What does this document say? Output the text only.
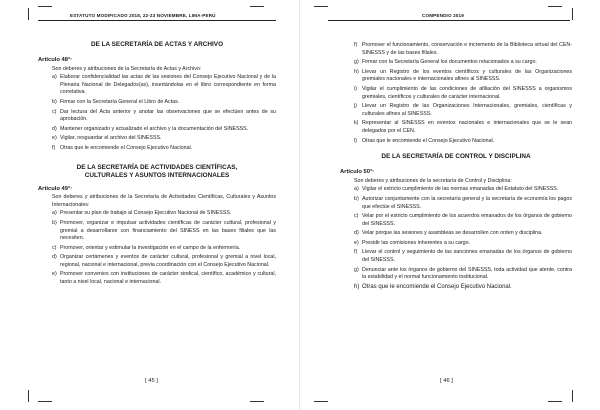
ESTATUTO MODIFICADO 2018, 22-23 NOVIEMBRE, LIMA-PERÚ
DE LA SECRETARÍA DE ACTAS Y ARCHIVO
Artículo 48°*
Son deberes y atribuciones de la Secretaría de Actas y Archivo:
a) Elaborar confidencialidad las actas de las sesiones del Consejo Ejecutivo Nacional y de la Plenaria Nacional de Delegados(as), insertándolas en el libro correspondiente en forma correlativa.
b) Firmar con la Secretaría General el Libro de Actas.
c) Dar lectura del Acta anterior y anotar las observaciones que se efectúen antes de su aprobación.
d) Mantener organizado y actualizado el archivo y la documentación del SINESSS.
e) Vigilar, resguardar el archivo del SINESSS.
f) Otras que le encomiende el Consejo Ejecutivo Nacional.
DE LA SECRETARÍA DE ACTIVIDADES CIENTÍFICAS,
CULTURALES Y ASUNTOS INTERNACIONALES
Artículo 49°*
Son deberes y atribuciones de la Secretaría de Actividades Científicas, Culturales y Asuntos Internacionales:
a) Presentar su plan de trabajo al Consejo Ejecutivo Nacional de SINESSS.
b) Promover, organizar e impulsar actividades científicas de carácter cultural, profesional y gremial a desarrollarse con financiamiento del SINESS en las bases filiales que las necesiten.
c) Promover, orientar y estimular la investigación en el campo de la enfermería.
d) Organizar certámenes y eventos de carácter cultural, profesional y gremial a nivel local, regional, nacional e internacional, previa coordinación con el Consejo Ejecutivo Nacional.
e) Promover convenios con instituciones de carácter sindical, científico, académico y cultural, tanto a nivel local, nacional e internacional.
[ 45 ]
COMPENDIO 2019
f) Promover el funcionamiento, conservación e incremento de la Biblioteca virtual del CEN-SINESSS y de las bases filiales.
g) Firmar con la Secretaría General los documentos relacionados a su cargo.
h) Llevar un Registro de los eventos científicos y culturales de las Organizaciones gremiales nacionales e internacionales afines al SINESSS.
i) Vigilar el cumplimiento de las condiciones de afiliación del SINESSS a organismos gremiales, científicos y culturales de carácter internacional.
j) Llevar un Registro de las Organizaciones Internacionales, gremiales, científicas y culturales afines al SINESSS.
k) Representar al SINESSS en eventos nacionales e internacionales que se le sean delegados por el CEN.
l) Otras que le encomiende el Consejo Ejecutivo Nacional.
DE LA SECRETARÍA DE CONTROL Y DISCIPLINA
Artículo 50°*
Son deberes y atribuciones de la secretaría de Control y Disciplina:
a) Vigilar el estricto cumplimiento de las normas emanadas del Estatuto del SINESSS.
b) Autorizar conjuntamente con la secretaría general y la secretaría de economía los pagos que efectúe el SINESSS.
c) Velar por el estricto cumplimiento de los acuerdos emanados de los órganos de gobierno del SINESSS.
d) Velar porque las sesiones y asambleas se desarrollen con orden y disciplina.
e) Presidir las comisiones inherentes a su cargo.
f) Llevar el control y seguimiento de las sanciones emanadas de los órganos de gobierno del SINESSS.
g) Denunciar ante los órganos de gobierno del SINESSS, toda actividad que atente, contra la estabilidad y el normal funcionamiento institucional.
h) Otras que le encomiende el Consejo Ejecutivo Nacional.
[ 46 ]
